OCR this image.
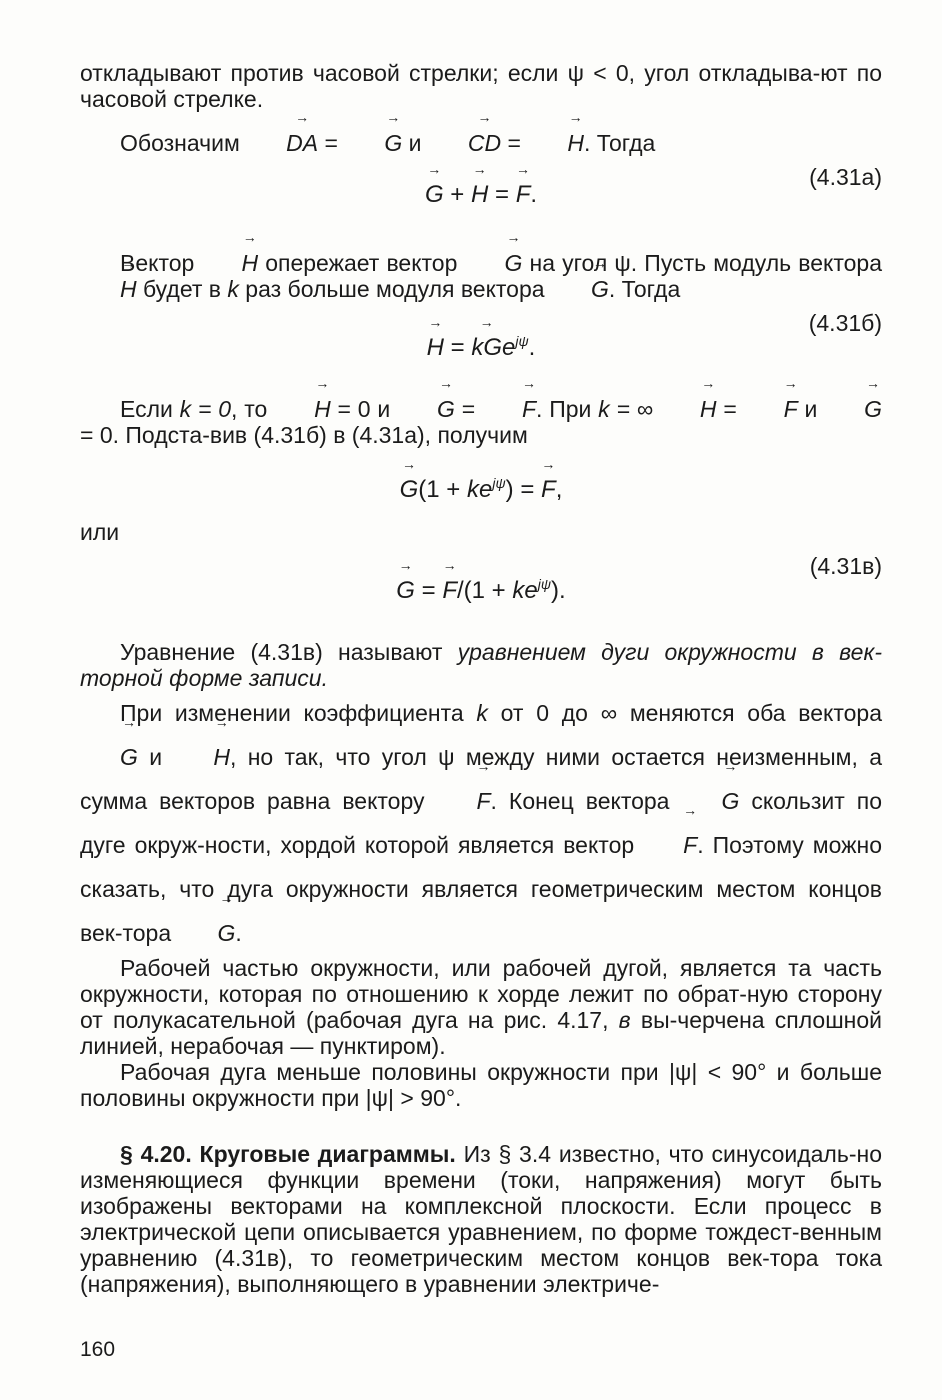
откладывают против часовой стрелки; если ψ < 0, угол откладыва-ют по часовой стрелке.

Обозначим → DA = → G и → CD = → H. Тогда

→ G + → H = → F.
(4.31а)

Вектор → H опережает вектор → G на угол ψ. Пусть модуль вектора → H будет в k раз больше модуля вектора → G. Тогда

→ H = → kGe$^{j\psi}$.
(4.31б)

Если k = 0, то → H = 0 и → G = → F. При k = ∞ → H = → F и → G = 0. Подста-вив (4.31б) в (4.31а), получим

→ $G(1 + ke^{j\psi})$ = → F,

или

→ G = → $F/(1 + ke^{j\psi})$.
(4.31в)

Уравнение (4.31в) называют уравнением дуги окружности в век-торной форме записи.

При изменении коэффициента k от 0 до ∞ меняются оба вектора → G и → H, но так, что угол ψ между ними остается неизменным, а сумма векторов равна вектору → F. Конец вектора → G скользит по дуге окруж-ности, хордой которой является вектор → F. Поэтому можно сказать, что дуга окружности является геометрическим местом концов век-тора → G.

Рабочей частью окружности, или рабочей дугой, является та часть окружности, которая по отношению к хорде лежит по обрат-ную сторону от полукасательной (рабочая дуга на рис. 4.17, в вы-черчена сплошной линией, нерабочая — пунктиром).

Рабочая дуга меньше половины окружности при |ψ| < 90° и больше половины окружности при |ψ| > 90°.

§ 4.20. Круговые диаграммы. Из § 3.4 известно, что синусоидаль-но изменяющиеся функции времени (токи, напряжения) могут быть изображены векторами на комплексной плоскости. Если процесс в электрической цепи описывается уравнением, по форме тождест-венным уравнению (4.31в), то геометрическим местом концов век-тора тока (напряжения), выполняющего в уравнении электриче-

160
